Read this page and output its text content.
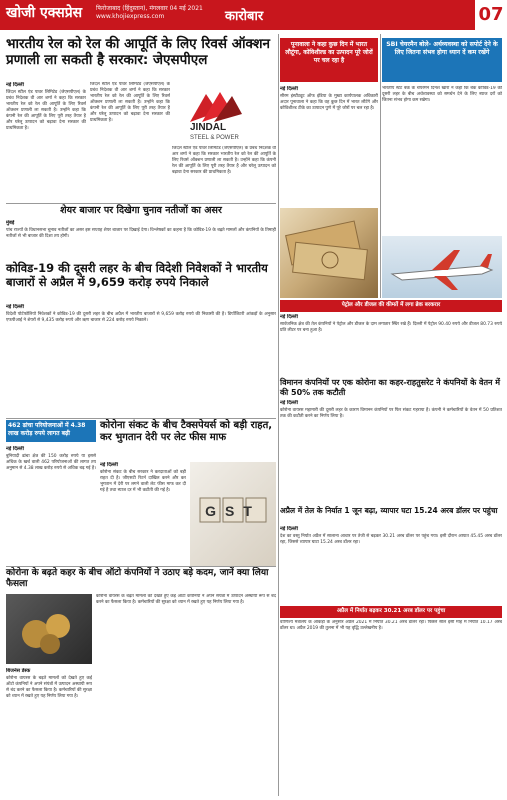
खोजी एक्सप्रेस फिरोजाबाद (हिंदुस्तान), मंगलवार 04 मई 2021
www.khojiexpress.com	कारोबार	07
भारतीय रेल को रेल की आपूर्ति के लिए रिवर्स ऑक्शन प्रणाली ला सकती है सरकार: जेएसपीएल
नई दिल्ली
जिंदल स्टील एंड पावर लिमिटेड (जेएसपीएल) के प्रबंध निदेशक वी आर शर्मा ने कहा कि सरकार भारतीय रेल को रेल की आपूर्ति के लिए रिवर्स ऑक्शन प्रणाली ला सकती है। उन्होंने कहा कि कंपनी रेल की आपूर्ति के लिए पूरी तरह तैयार है और घरेलू उत्पादन को बढ़ावा देना सरकार की प्राथमिकता है।
जिंदल स्टील एंड पावर लिमिटेड (जेएसपीएल) के प्रबंध निदेशक वी आर शर्मा ने कहा कि सरकार भारतीय रेल को रेल की आपूर्ति के लिए रिवर्स ऑक्शन प्रणाली ला सकती है। उन्होंने कहा कि कंपनी रेल की आपूर्ति के लिए पूरी तरह तैयार है और घरेलू उत्पादन को बढ़ावा देना सरकार की प्राथमिकता है।
JINDAL
STEEL & POWER
जिंदल स्टील एंड पावर लिमिटेड (जेएसपीएल) के प्रबंध निदेशक वी आर शर्मा ने कहा कि सरकार भारतीय रेल को रेल की आपूर्ति के लिए रिवर्स ऑक्शन प्रणाली ला सकती है। उन्होंने कहा कि कंपनी रेल की आपूर्ति के लिए पूरी तरह तैयार है और घरेलू उत्पादन को बढ़ावा देना सरकार की प्राथमिकता है।
पूनावाला ने कहा कुछ दिन में भारत लौटूंगा, कोविशील्ड का उत्पादन पूरे जोरों पर चल रहा है
नई दिल्ली
सीरम इंस्टीट्यूट ऑफ इंडिया के मुख्य कार्यपालक अधिकारी अदार पूनावाला ने कहा कि वह कुछ दिन में भारत लौटेंगे और कोविशील्ड टीके का उत्पादन पुणे में पूरे जोरों पर चल रहा है।
SBI चेयरमैन बोले- अर्थव्यवस्था को सपोर्ट देने के लिए जितना संभव होगा ध्यान दें कम रखेंगे
भारतीय स्टेट बैंक के चेयरमैन दिनेश खारा ने कहा कि बैंक कोविड-19 की दूसरी लहर के बीच अर्थव्यवस्था को समर्थन देने के लिए ब्याज दरों को जितना संभव होगा कम रखेगा।
शेयर बाजार पर दिखेगा चुनाव नतीजों का असर
मुंबई
पांच राज्यों के विधानसभा चुनाव नतीजों का असर इस सप्ताह शेयर बाजार पर दिखाई देगा। विश्लेषकों का कहना है कि कोविड-19 के बढ़ते मामलों और कंपनियों के तिमाही नतीजों से भी बाजार की दिशा तय होगी।
कोविड-19 की दूसरी लहर के बीच विदेशी निवेशकों ने भारतीय बाजारों से अप्रैल में 9,659 करोड़ रुपये निकाले
नई दिल्ली
विदेशी पोर्टफोलियो निवेशकों ने कोविड-19 की दूसरी लहर के बीच अप्रैल में भारतीय बाजारों से 9,659 करोड़ रुपये की निकासी की है। डिपॉजिटरी आंकड़ों के अनुसार एफपीआई ने शेयरों से 9,435 करोड़ रुपये और ऋण बाजार से 224 करोड़ रुपये निकाले।
पेट्रोल और डीजल की कीमतें में लगा ब्रेक बरकरार
नई दिल्ली
सार्वजनिक क्षेत्र की तेल कंपनियों ने पेट्रोल और डीजल के दाम लगातार स्थिर रखे हैं। दिल्ली में पेट्रोल 90.40 रुपये और डीजल 80.73 रुपये प्रति लीटर पर बना हुआ है।
विमानन कंपनियों पर एक कोरोना का कहर-राहतुसरेट ने कंपनियों के वेतन में की 50% तक कटौती
नई दिल्ली
कोरोना वायरस महामारी की दूसरी लहर के कारण विमानन कंपनियों पर फिर संकट गहराया है। कंपनी ने कर्मचारियों के वेतन में 50 प्रतिशत तक की कटौती करने का निर्णय लिया है।
462 ढांचा परियोजनाओं में 4.38 लाख करोड़ रुपये लागत बढ़ी
नई दिल्ली
बुनियादी ढांचा क्षेत्र की 150 करोड़ रुपये या इससे अधिक के खर्च वाली 462 परियोजनाओं की लागत तय अनुमान से 4.38 लाख करोड़ रुपये से अधिक बढ़ गई है।
कोरोना संकट के बीच टैक्सपेयर्स को बड़ी राहत, कर भुगतान देरी पर लेट फीस माफ
नई दिल्ली
कोरोना संकट के बीच सरकार ने करदाताओं को बड़ी राहत दी है। जीएसटी रिटर्न दाखिल करने और कर भुगतान में देरी पर लगने वाली लेट फीस माफ कर दी गई है तथा ब्याज दर में भी कटौती की गई है।
GST	अप्रैल में तेल के निर्यात 1 जून बढ़ा, व्यापार घटा 15.24 अरब डॉलर पर पहुंचा
नई दिल्ली
देश का वस्तु निर्यात अप्रैल में सालाना आधार पर तेजी से बढ़कर 30.21 अरब डॉलर पर पहुंच गया। इसी दौरान आयात 45.45 अरब डॉलर रहा, जिससे व्यापार घाटा 15.24 अरब डॉलर रहा।
कोरोना के बढ़ते कहर के बीच ऑटो कंपनियों ने उठाए बड़े कदम, जानें क्या लिया फैसला
बिजनेस डेस्क
कोरोना वायरस के बढ़ते मामलों को देखते हुए कई ऑटो कंपनियों ने अपने संयंत्रों में उत्पादन अस्थायी रूप से बंद करने का फैसला किया है। कर्मचारियों की सुरक्षा को ध्यान में रखते हुए यह निर्णय लिया गया है।
कोरोना वायरस के बढ़ते मामलों को देखते हुए कई ऑटो कंपनियों ने अपने संयंत्रों में उत्पादन अस्थायी रूप से बंद करने का फैसला किया है। कर्मचारियों की सुरक्षा को ध्यान में रखते हुए यह निर्णय लिया गया है।
अप्रैल में निर्यात बढ़कर 30.21 अरब डॉलर पर पहुंचा
वाणिज्य मंत्रालय के आंकड़ों के अनुसार अप्रैल 2021 में निर्यात 30.21 अरब डॉलर रहा। पिछले साल इसी माह में निर्यात 10.17 अरब डॉलर था। अप्रैल 2019 की तुलना में भी यह वृद्धि उल्लेखनीय है।
